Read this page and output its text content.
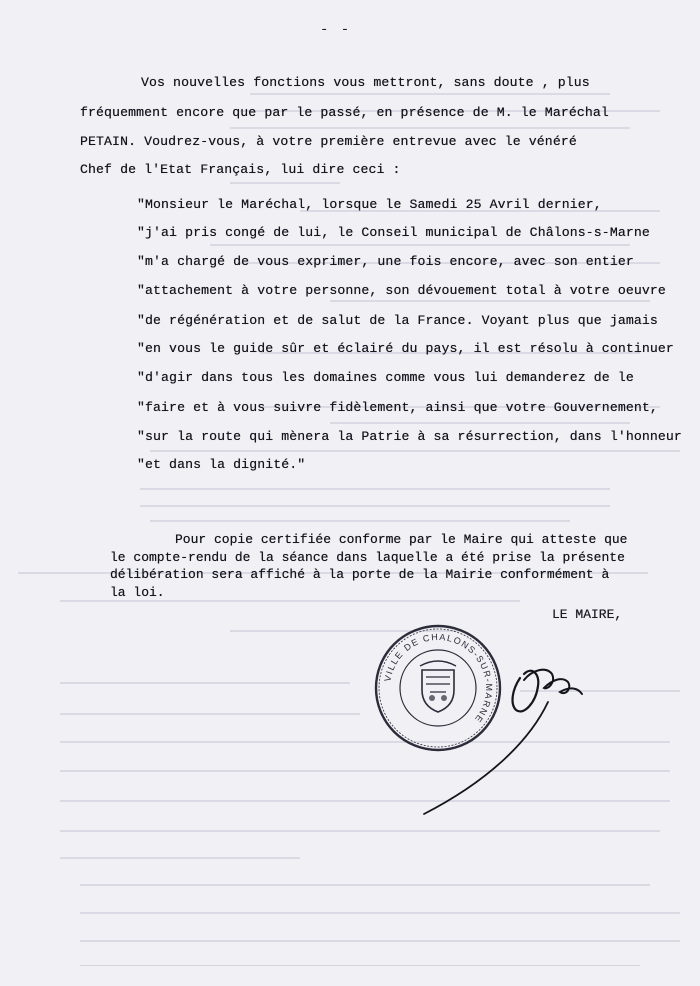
- -
Vos nouvelles fonctions vous mettront, sans doute , plus
fréquemment encore que par le passé, en présence de M. le Maréchal
PETAIN. Voudrez-vous, à votre première entrevue avec le vénéré
Chef de l'Etat Français, lui dire ceci :
"Monsieur le Maréchal, lorsque le Samedi 25 Avril dernier,
"j'ai pris congé de lui, le Conseil municipal de Châlons-s-Marne
"m'a chargé de vous exprimer, une fois encore, avec son entier
"attachement à votre personne, son dévouement total à votre oeuvre
"de régénération et de salut de la France. Voyant plus que jamais
"en vous le guide sûr et éclairé du pays, il est résolu à continuer
"d'agir dans tous les domaines comme vous lui demanderez de le
"faire et à vous suivre fidèlement, ainsi que votre Gouvernement,
"sur la route qui mènera la Patrie à sa résurrection, dans l'honneur
"et dans la dignité."
Pour copie certifiée conforme par le Maire qui atteste que
le compte-rendu de la séance dans laquelle a été prise la présente
délibération sera affiché à la porte de la Mairie conformément à
la loi.
LE MAIRE,
VILLE DE CHALONS-SUR-MARNE
